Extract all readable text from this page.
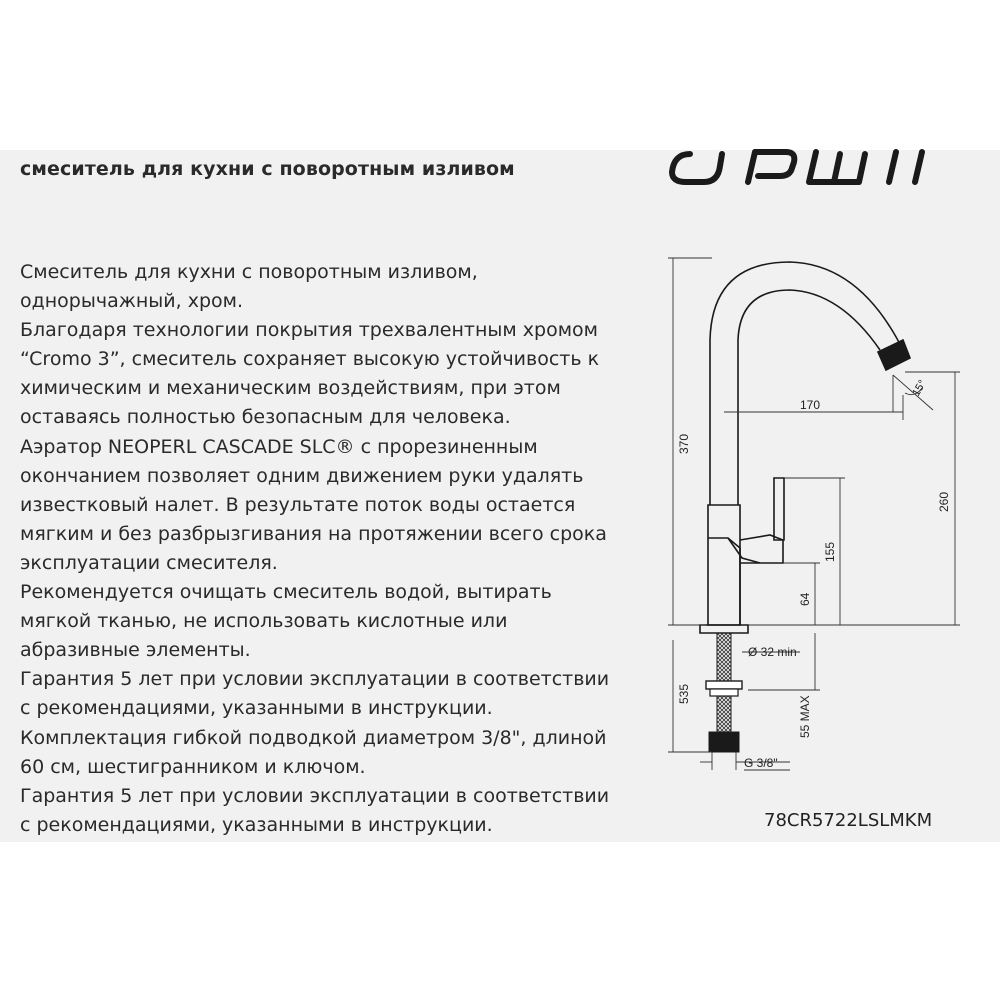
смеситель для кухни с поворотным изливом
Смеситель для кухни с поворотным изливом,
однорычажный, хром.
Благодаря технологии покрытия трехвалентным хромом
“Cromo 3”, смеситель сохраняет высокую устойчивость к
химическим и механическим воздействиям, при этом
оставаясь полностью безопасным для человека.
Аэратор NEOPERL CASCADE SLC® с прорезиненным
окончанием позволяет одним движением руки удалять
известковый налет. В результате поток воды остается
мягким и без разбрызгивания на протяжении всего срока
эксплуатации смесителя.
Рекомендуется очищать смеситель водой, вытирать
мягкой тканью, не использовать кислотные или
абразивные элементы.
Гарантия 5 лет при условии эксплуатации в соответствии
с рекомендациями, указанными в инструкции.
Комплектация гибкой подводкой диаметром 3/8", длиной
60 см, шестигранником и ключом.
Гарантия 5 лет при условии эксплуатации в соответствии
с рекомендациями, указанными в инструкции.
370
170
15°
260
155
64
Ø 32 min
535
55 MAX
G 3/8"
78CR5722LSLMKM
